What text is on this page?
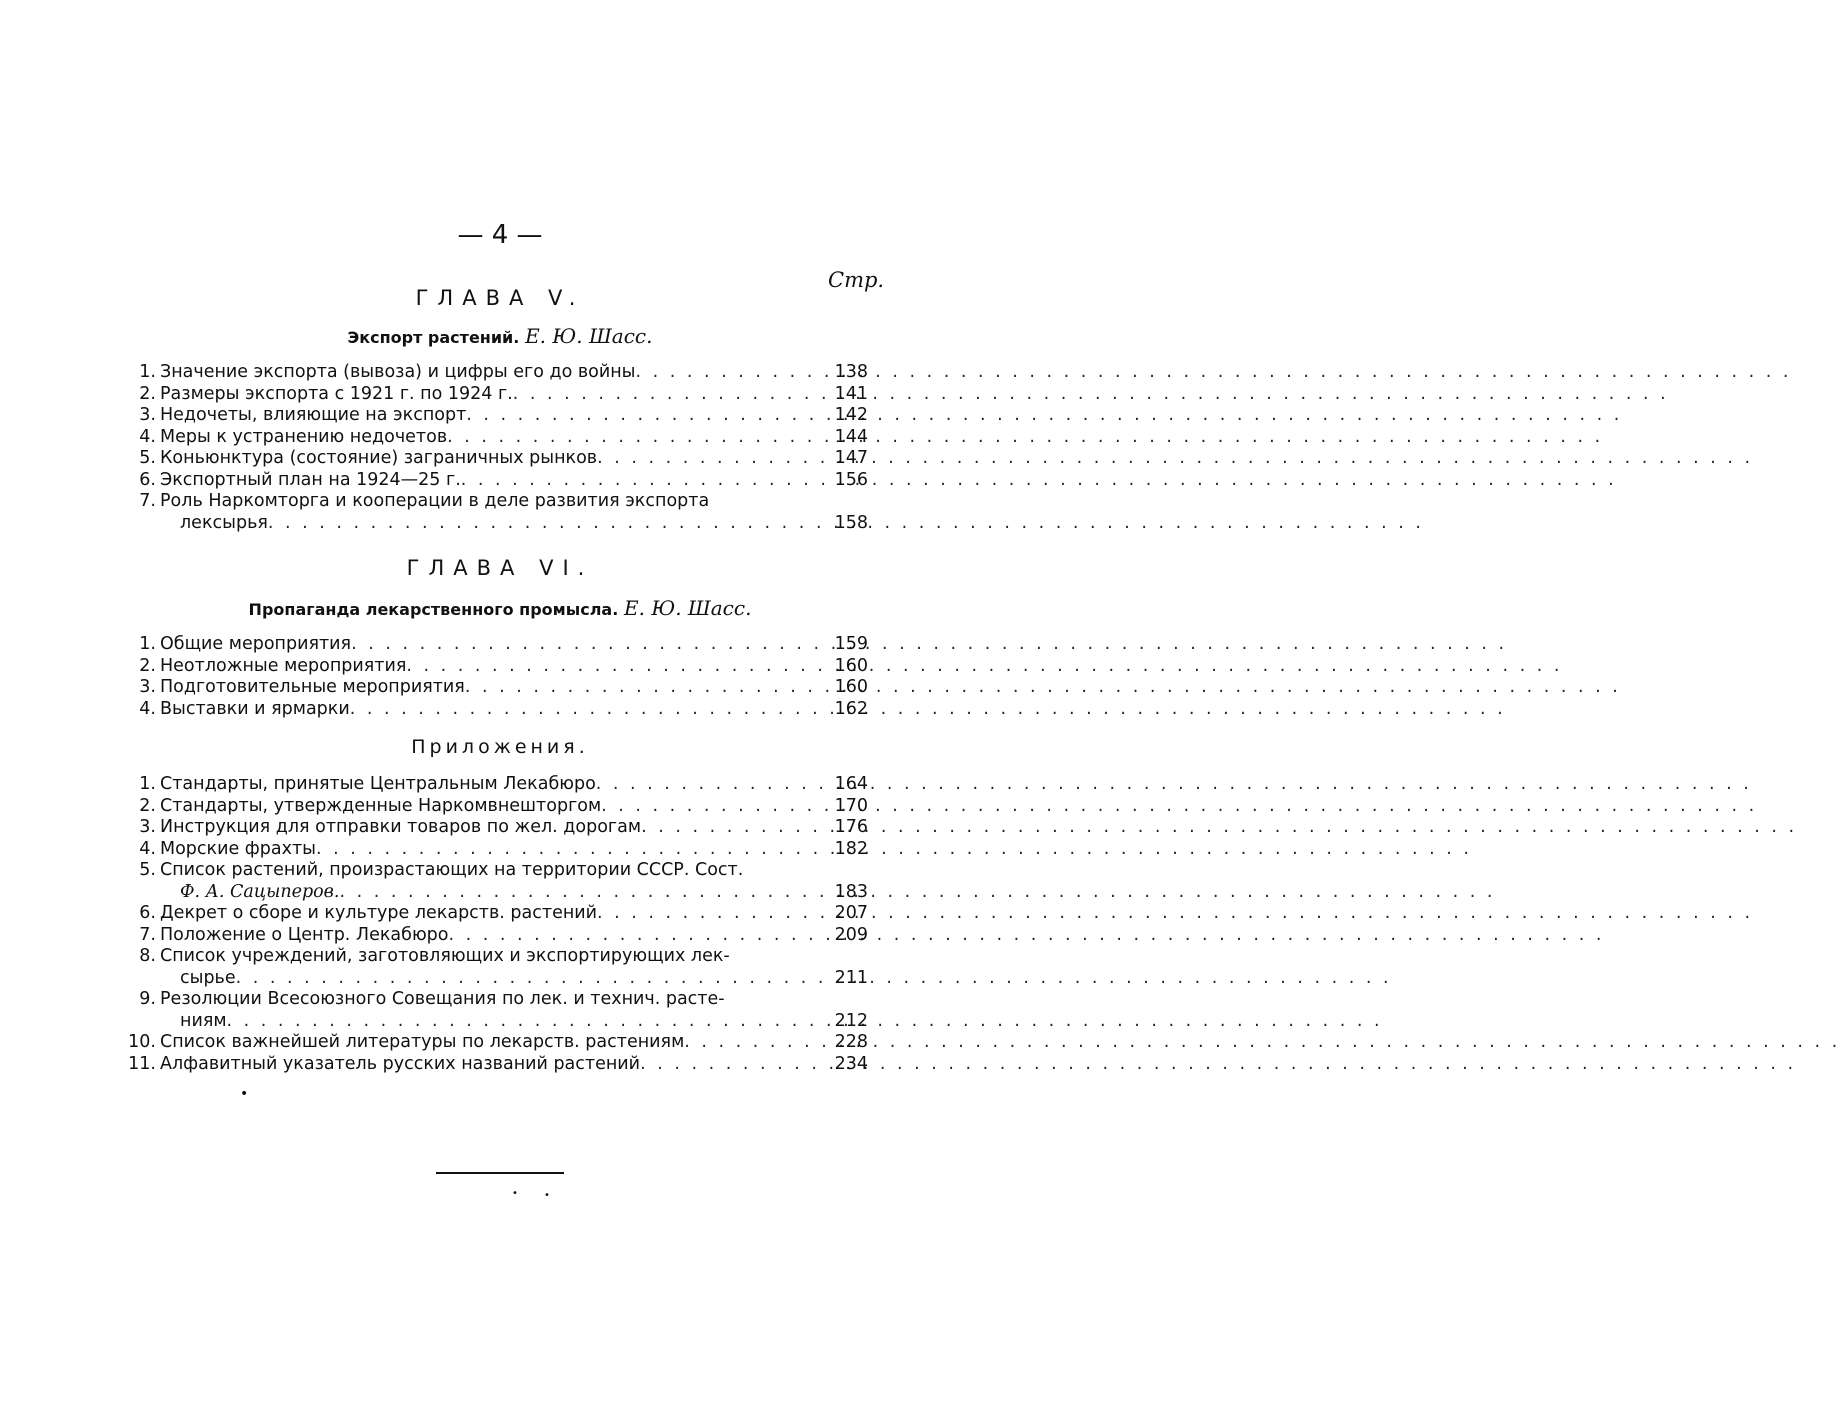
— 4 —
Стр.
ГЛАВА V.
Экспорт растений. Е. Ю. Шасс.
1. Значение экспорта (вывоза) и цифры его до войны . . .	138
2. Размеры экспорта с 1921 г. по 1924 г. . . .	141
3. Недочеты, влияющие на экспорт . . .	142
4. Меры к устранению недочетов . . .	144
5. Коньюнктура (состояние) заграничных рынков . . .	147
6. Экспортный план на 1924—25 г. . . .	156
7. Роль Наркомторга и кооперации в деле развития экспорта
лексырья . . .	158
ГЛАВА VI.
Пропаганда лекарственного промысла. Е. Ю. Шасс.
1. Общие мероприятия . . .	159
2. Неотложные мероприятия . . .	160
3. Подготовительные мероприятия . . .	160
4. Выставки и ярмарки . . .	162
Приложения.
1. Стандарты, принятые Центральным Лекабюро . . .	164
2. Стандарты, утвержденные Наркомвнешторгом . . .	170
3. Инструкция для отправки товаров по жел. дорогам . . .	176
4. Морские фрахты . . .	182
5. Список растений, произрастающих на территории СССР. Сост.
Ф. А. Сацыперов. . . .	183
6. Декрет о сборе и культуре лекарств. растений . . .	207
7. Положение о Центр. Лекабюро . . .	209
8. Список учреждений, заготовляющих и экспортирующих лек-
сырье . . .	211
9. Резолюции Всесоюзного Совещания по лек. и технич. расте-
ниям . . .	212
10. Список важнейшей литературы по лекарств. растениям . . .	228
11. Алфавитный указатель русских названий растений . . .	234
•
•	•
